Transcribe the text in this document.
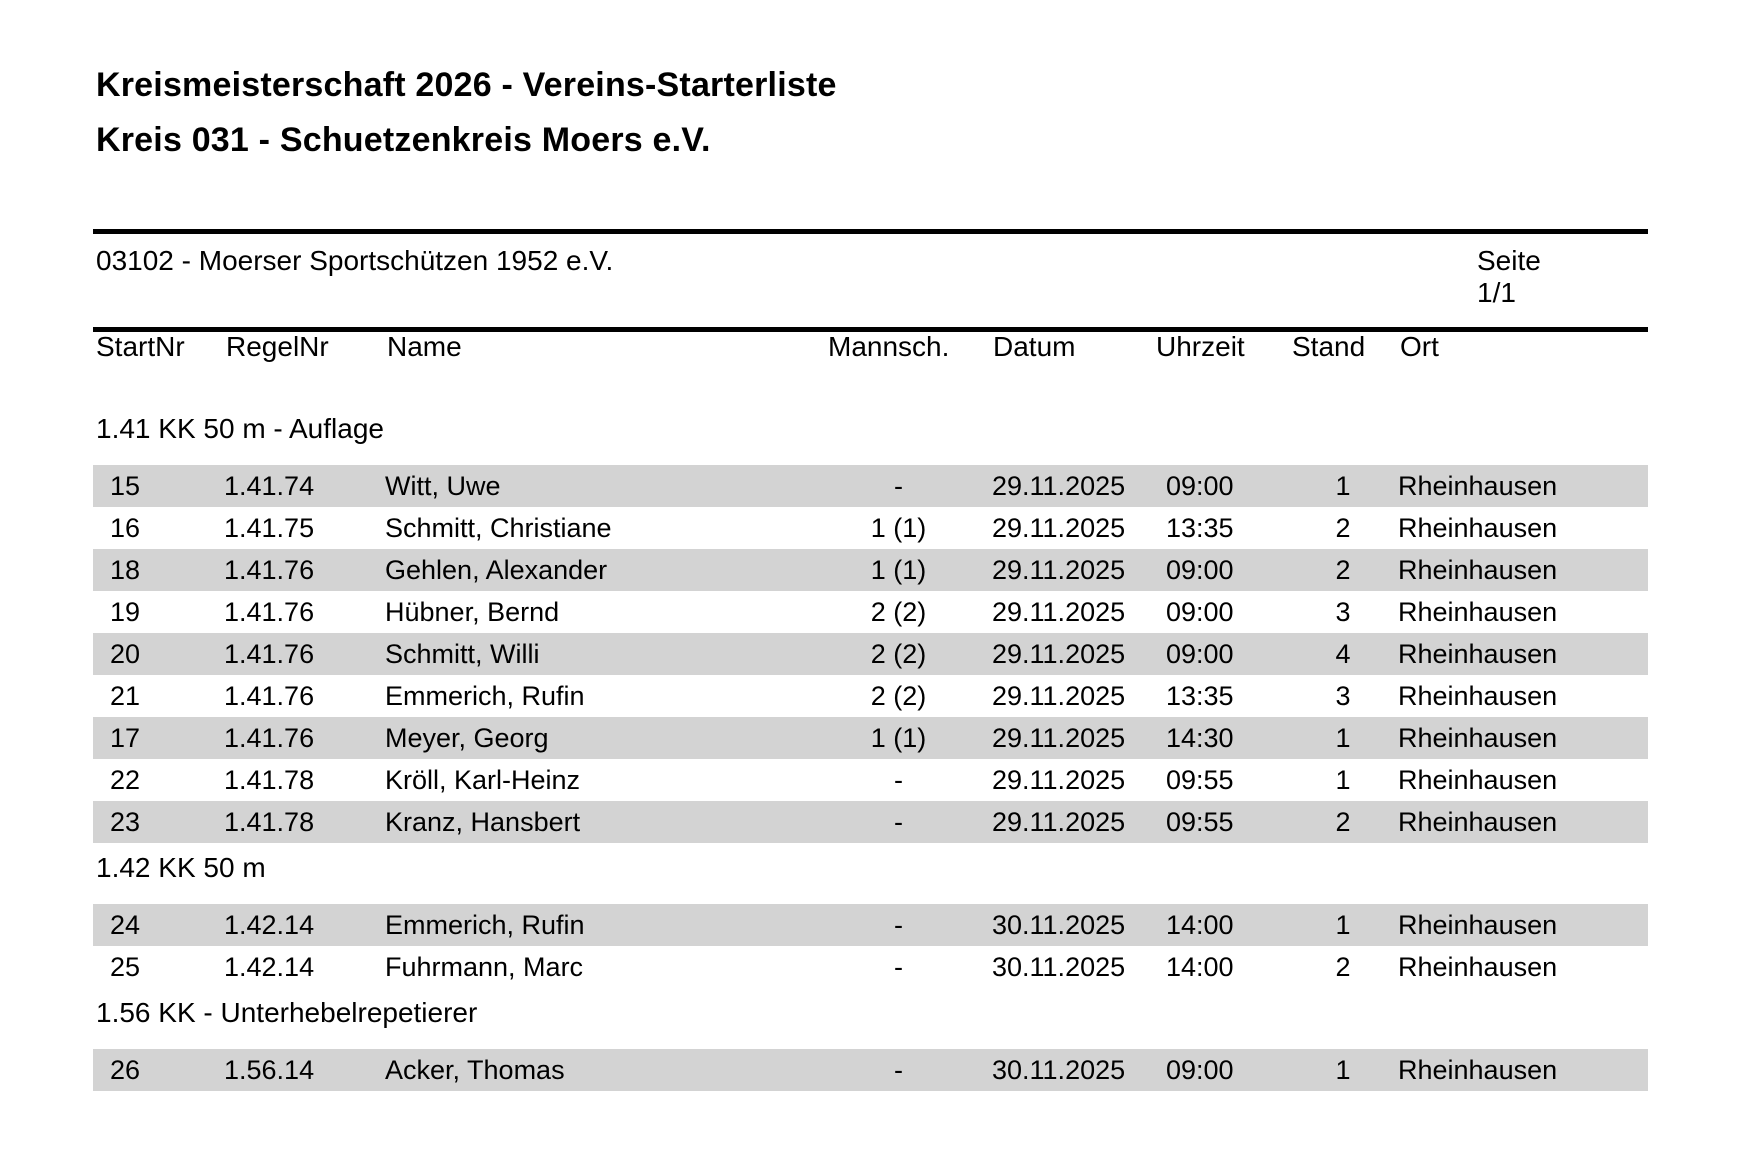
Kreismeisterschaft 2026 - Vereins-Starterliste
Kreis 031 - Schuetzenkreis Moers e.V.
03102 - Moerser Sportschützen 1952 e.V.	Seite 1/1
StartNr	RegelNr	Name	Mannsch.	Datum	Uhrzeit	Stand	Ort
1.41 KK 50 m - Auflage
15	1.41.74	Witt, Uwe	-	29.11.2025	09:00	1	Rheinhausen
16	1.41.75	Schmitt, Christiane	1 (1)	29.11.2025	13:35	2	Rheinhausen
18	1.41.76	Gehlen, Alexander	1 (1)	29.11.2025	09:00	2	Rheinhausen
19	1.41.76	Hübner, Bernd	2 (2)	29.11.2025	09:00	3	Rheinhausen
20	1.41.76	Schmitt, Willi	2 (2)	29.11.2025	09:00	4	Rheinhausen
21	1.41.76	Emmerich, Rufin	2 (2)	29.11.2025	13:35	3	Rheinhausen
17	1.41.76	Meyer, Georg	1 (1)	29.11.2025	14:30	1	Rheinhausen
22	1.41.78	Kröll, Karl-Heinz	-	29.11.2025	09:55	1	Rheinhausen
23	1.41.78	Kranz, Hansbert	-	29.11.2025	09:55	2	Rheinhausen
1.42 KK 50 m
24	1.42.14	Emmerich, Rufin	-	30.11.2025	14:00	1	Rheinhausen
25	1.42.14	Fuhrmann, Marc	-	30.11.2025	14:00	2	Rheinhausen
1.56 KK - Unterhebelrepetierer
26	1.56.14	Acker, Thomas	-	30.11.2025	09:00	1	Rheinhausen
